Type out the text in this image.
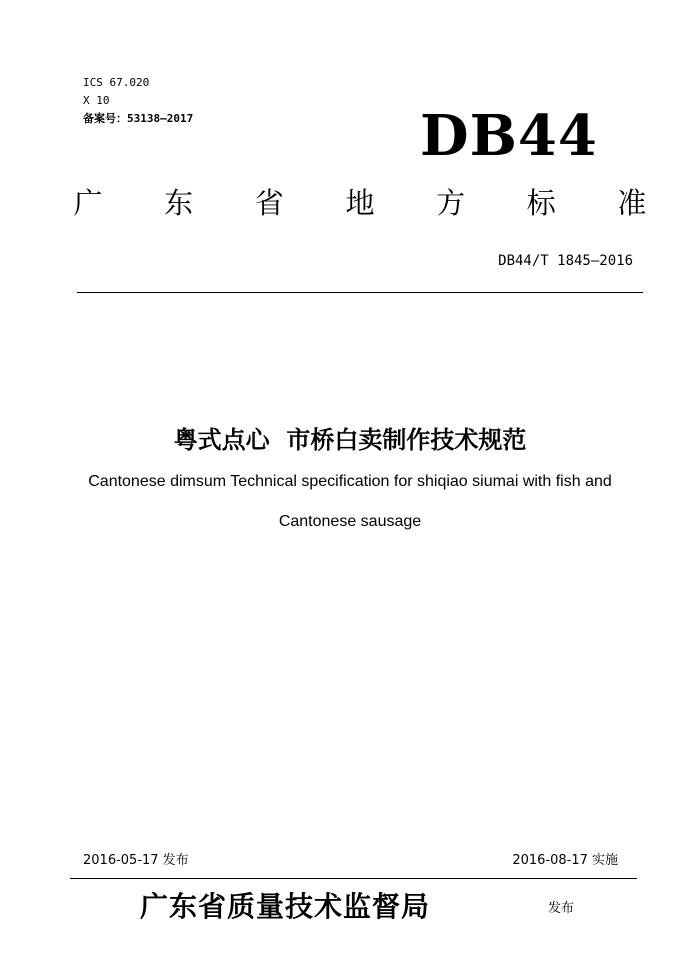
ICS 67.020
X 10
备案号：53138—2017	DB44
广 东 省 地 方 标 准
DB44/T 1845—2016
粤式点心  市桥白卖制作技术规范
Cantonese dimsum Technical specification for shiqiao siumai with fish and
Cantonese sausage
2016-05-17 发布	2016-08-17 实施
广东省质量技术监督局	发布
